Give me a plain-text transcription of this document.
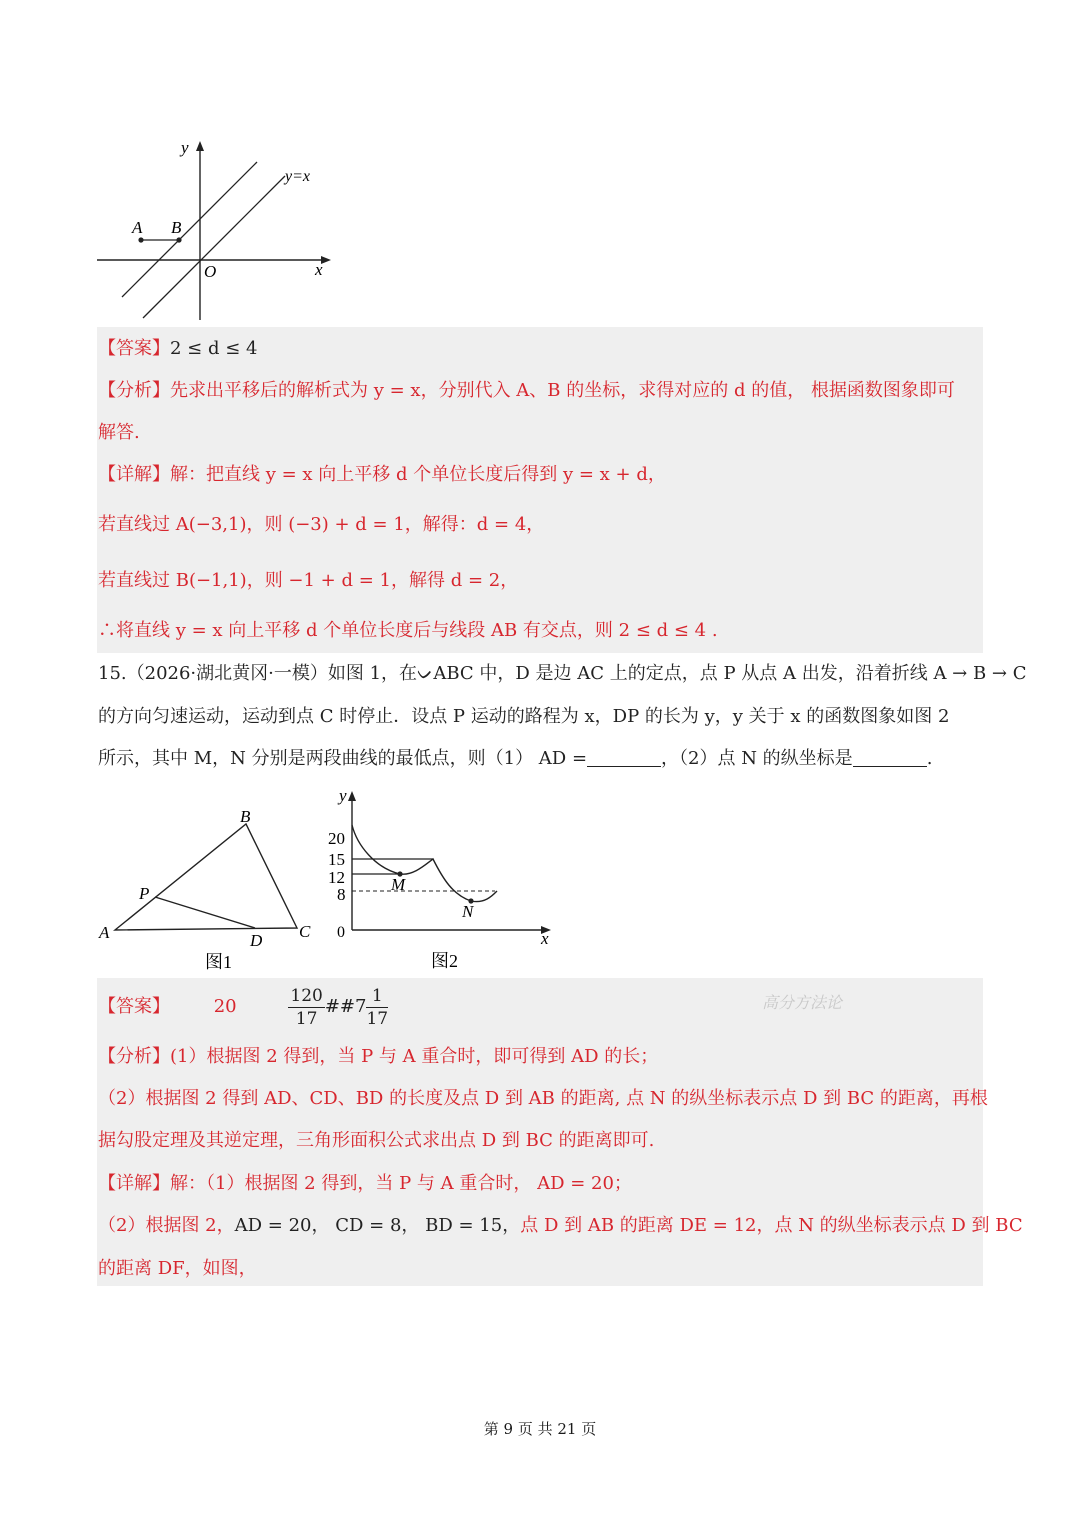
y
x
O
y=x
A B
【答案】2 ≤ d ≤ 4
【分析】先求出平移后的解析式为 y = x，分别代入 A、B 的坐标，求得对应的 d 的值， 根据函数图象即可
解答.
【详解】解：把直线 y = x 向上平移 d 个单位长度后得到 y = x + d，
若直线过 A(−3,1)，则 (−3) + d = 1，解得：d = 4，
若直线过 B(−1,1)，则 −1 + d = 1，解得 d = 2，
∴将直线 y = x 向上平移 d 个单位长度后与线段 AB 有交点，则 2 ≤ d ≤ 4 .
15.（2026·湖北黄冈·一模）如图 1，在ᨆABC 中，D 是边 AC 上的定点，点 P 从点 A 出发，沿着折线 A → B → C
的方向匀速运动，运动到点 C 时停止．设点 P 运动的路程为 x，DP 的长为 y，y 关于 x 的函数图象如图 2
所示，其中 M，N 分别是两段曲线的最低点，则（1） AD =	，（2）点 N 的纵坐标是	.
A
B
C
D
P
图1
y
x
0
20
15
12
8
M
N
图2
高分方法论
【答案】 20	$\frac{120}{17}$ ##7 $\frac{1}{17}$
【分析】(1）根据图 2 得到，当 P 与 A 重合时，即可得到 AD 的长；
（2）根据图 2 得到 AD、CD、BD 的长度及点 D 到 AB 的距离, 点 N 的纵坐标表示点 D 到 BC 的距离，再根
据勾股定理及其逆定理，三角形面积公式求出点 D 到 BC 的距离即可.
【详解】解：（1）根据图 2 得到，当 P 与 A 重合时， AD = 20；
（2）根据图 2，AD = 20， CD = 8， BD = 15，点 D 到 AB 的距离 DE = 12，点 N 的纵坐标表示点 D 到 BC
的距离 DF，如图，
第 9 页 共 21 页
